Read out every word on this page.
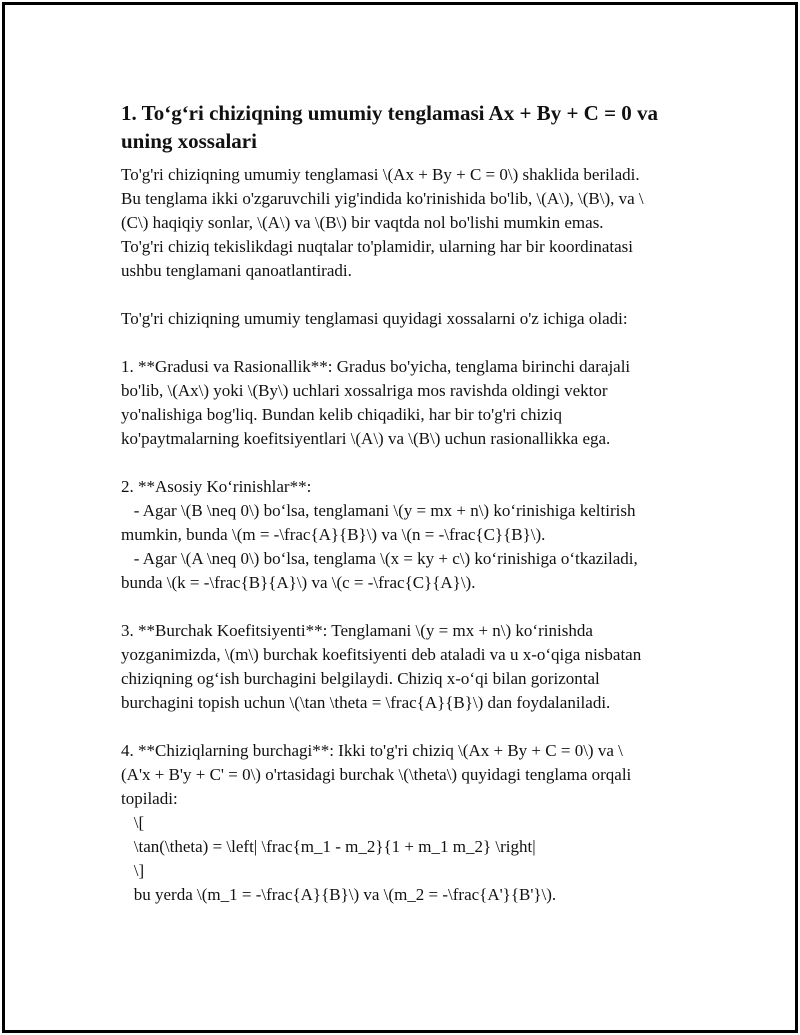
1. To‘g‘ri chiziqning umumiy tenglamasi Ax + By + C = 0 va
uning xossalari

To'g'ri chiziqning umumiy tenglamasi \(Ax + By + C = 0\) shaklida beriladi.
Bu tenglama ikki o'zgaruvchili yig'indida ko'rinishida bo'lib, \(A\), \(B\), va \
(C\) haqiqiy sonlar, \(A\) va \(B\) bir vaqtda nol bo'lishi mumkin emas.
To'g'ri chiziq tekislikdagi nuqtalar to'plamidir, ularning har bir koordinatasi
ushbu tenglamani qanoatlantiradi.

To'g'ri chiziqning umumiy tenglamasi quyidagi xossalarni o'z ichiga oladi:

1. **Gradusi va Rasionallik**: Gradus bo'yicha, tenglama birinchi darajali
bo'lib, \(Ax\) yoki \(By\) uchlari xossalriga mos ravishda oldingi vektor
yo'nalishiga bog'liq. Bundan kelib chiqadiki, har bir to'g'ri chiziq
ko'paytmalarning koefitsiyentlari \(A\) va \(B\) uchun rasionallikka ega.

2. **Asosiy Ko‘rinishlar**:
- Agar \(B \neq 0\) bo‘lsa, tenglamani \(y = mx + n\) ko‘rinishiga keltirish
mumkin, bunda \(m = -\frac{A}{B}\) va \(n = -\frac{C}{B}\).
- Agar \(A \neq 0\) bo‘lsa, tenglama \(x = ky + c\) ko‘rinishiga o‘tkaziladi,
bunda \(k = -\frac{B}{A}\) va \(c = -\frac{C}{A}\).

3. **Burchak Koefitsiyenti**: Tenglamani \(y = mx + n\) ko‘rinishda
yozganimizda, \(m\) burchak koefitsiyenti deb ataladi va u x-o‘qiga nisbatan
chiziqning og‘ish burchagini belgilaydi. Chiziq x-o‘qi bilan gorizontal
burchagini topish uchun \(\tan \theta = \frac{A}{B}\) dan foydalaniladi.

4. **Chiziqlarning burchagi**: Ikki to'g'ri chiziq \(Ax + By + C = 0\) va \
(A'x + B'y + C' = 0\) o'rtasidagi burchak \(\theta\) quyidagi tenglama orqali
topiladi:
\[
\tan(\theta) = \left| \frac{m_1 - m_2}{1 + m_1 m_2} \right|
\]
bu yerda \(m_1 = -\frac{A}{B}\) va \(m_2 = -\frac{A'}{B'}\).
